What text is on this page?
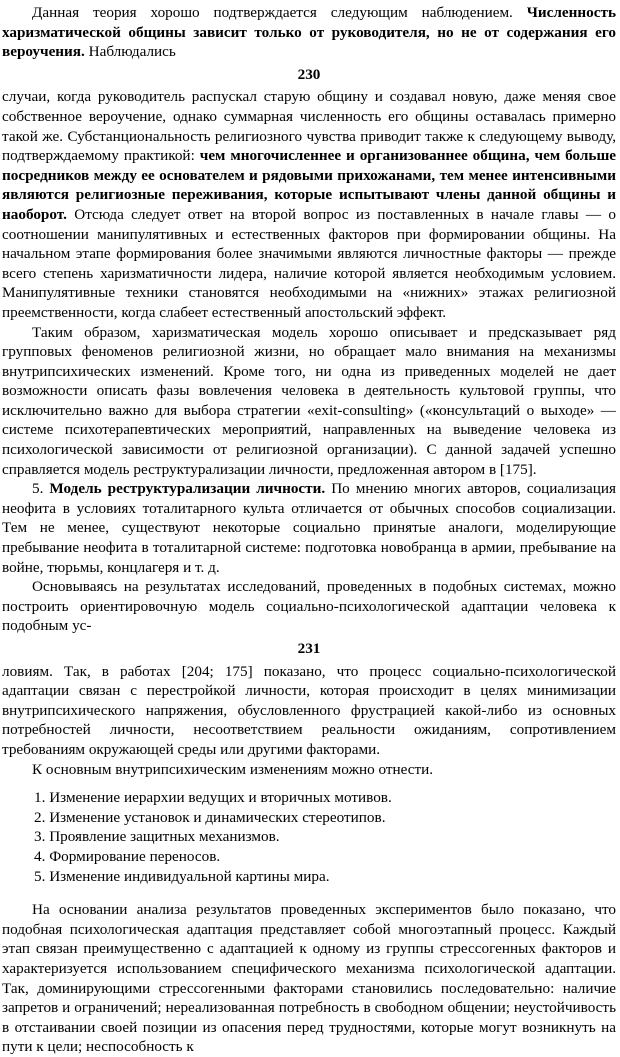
Данная теория хорошо подтверждается следующим наблюдением. Численность харизматической общины зависит только от руководителя, но не от содержания его вероучения. Наблюдались

230

случаи, когда руководитель распускал старую общину и создавал новую, даже меняя свое собственное вероучение, однако суммарная численность его общины оставалась примерно такой же. Субстанциональность религиозного чувства приводит также к следующему выводу, подтверждаемому практикой: чем многочисленнее и организованнее община, чем больше посредников между ее основателем и рядовыми прихожанами, тем менее интенсивными являются религиозные переживания, которые испытывают члены данной общины и наоборот. Отсюда следует ответ на второй вопрос из поставленных в начале главы — о соотношении манипулятивных и естественных факторов при формировании общины. На начальном этапе формирования более значимыми являются личностные факторы — прежде всего степень харизматичности лидера, наличие которой является необходимым условием. Манипулятивные техники становятся необходимыми на «нижних» этажах религиозной преемственности, когда слабеет естественный апостольский эффект.

Таким образом, харизматическая модель хорошо описывает и предсказывает ряд групповых феноменов религиозной жизни, но обращает мало внимания на механизмы внутрипсихических изменений. Кроме того, ни одна из приведенных моделей не дает возможности описать фазы вовлечения человека в деятельность культовой группы, что исключительно важно для выбора стратегии «exit-consulting» («консультаций о выходе» — системе психотерапевтических мероприятий, направленных на выведение человека из психологической зависимости от религиозной организации). С данной задачей успешно справляется модель реструктурализации личности, предложенная автором в [175].

5. Модель реструктурализации личности. По мнению многих авторов, социализация неофита в условиях тоталитарного культа отличается от обычных способов социализации. Тем не менее, существуют некоторые социально принятые аналоги, моделирующие пребывание неофита в тоталитарной системе: подготовка новобранца в армии, пребывание на войне, тюрьмы, концлагеря и т. д.

Основываясь на результатах исследований, проведенных в подобных системах, можно построить ориентировочную модель социально-психологической адаптации человека к подобным ус-

231

ловиям. Так, в работах [204; 175] показано, что процесс социально-психологической адаптации связан с перестройкой личности, которая происходит в целях минимизации внутрипсихического напряжения, обусловленного фрустрацией какой-либо из основных потребностей личности, несоответствием реальности ожиданиям, сопротивлением требованиям окружающей среды или другими факторами.

К основным внутрипсихическим изменениям можно отнести.

1. Изменение иерархии ведущих и вторичных мотивов.
2. Изменение установок и динамических стереотипов.
3. Проявление защитных механизмов.
4. Формирование переносов.
5. Изменение индивидуальной картины мира.

На основании анализа результатов проведенных экспериментов было показано, что подобная психологическая адаптация представляет собой многоэтапный процесс. Каждый этап связан преимущественно с адаптацией к одному из группы стрессогенных факторов и характеризуется использованием специфического механизма психологической адаптации. Так, доминирующими стрессогенными факторами становились последовательно: наличие запретов и ограничений; нереализованная потребность в свободном общении; неустойчивость в отстаивании своей позиции из опасения перед трудностями, которые могут возникнуть на пути к цели; неспособность к
